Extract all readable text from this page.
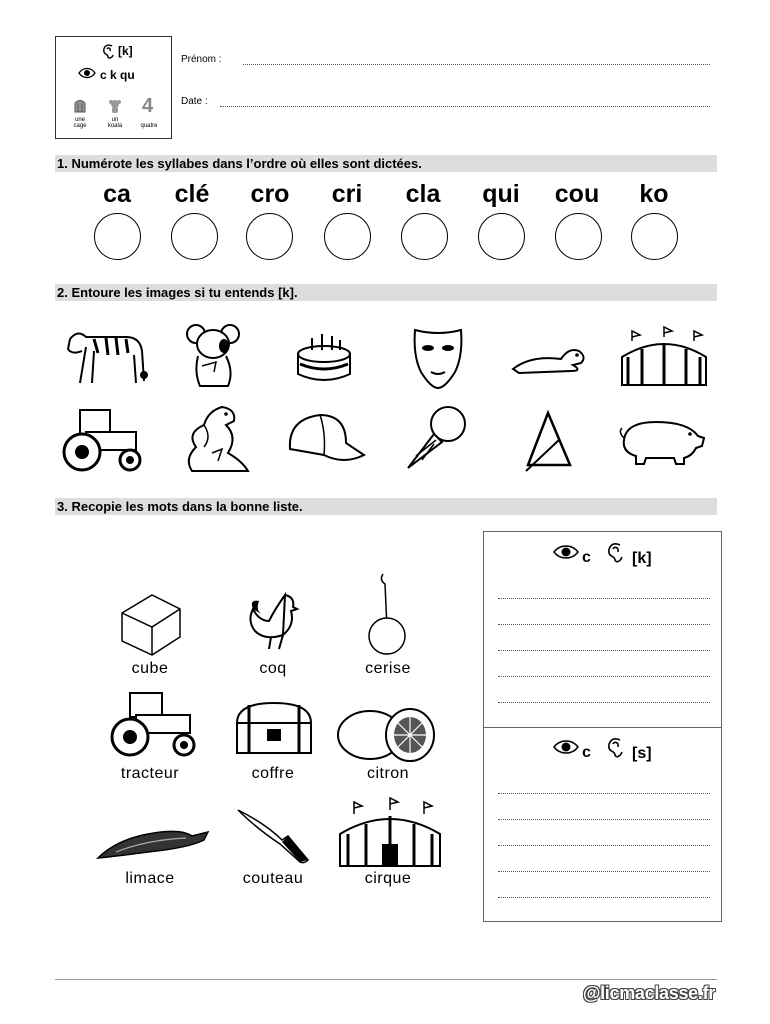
[k]
c k qu
4
une
cage
un
koala	quatre
Prénom :
Date :
1. Numérote les syllabes dans l’ordre où elles sont dictées.
ca	clé	cro	cri	cla	qui	cou	ko
2. Entoure les images si tu entends [k].
3. Recopie les mots dans la bonne liste.
cube	coq	cerise
tracteur	coffre	citron
limace	couteau	cirque
c	[k]
c	[s]
@licmaclasse.fr
